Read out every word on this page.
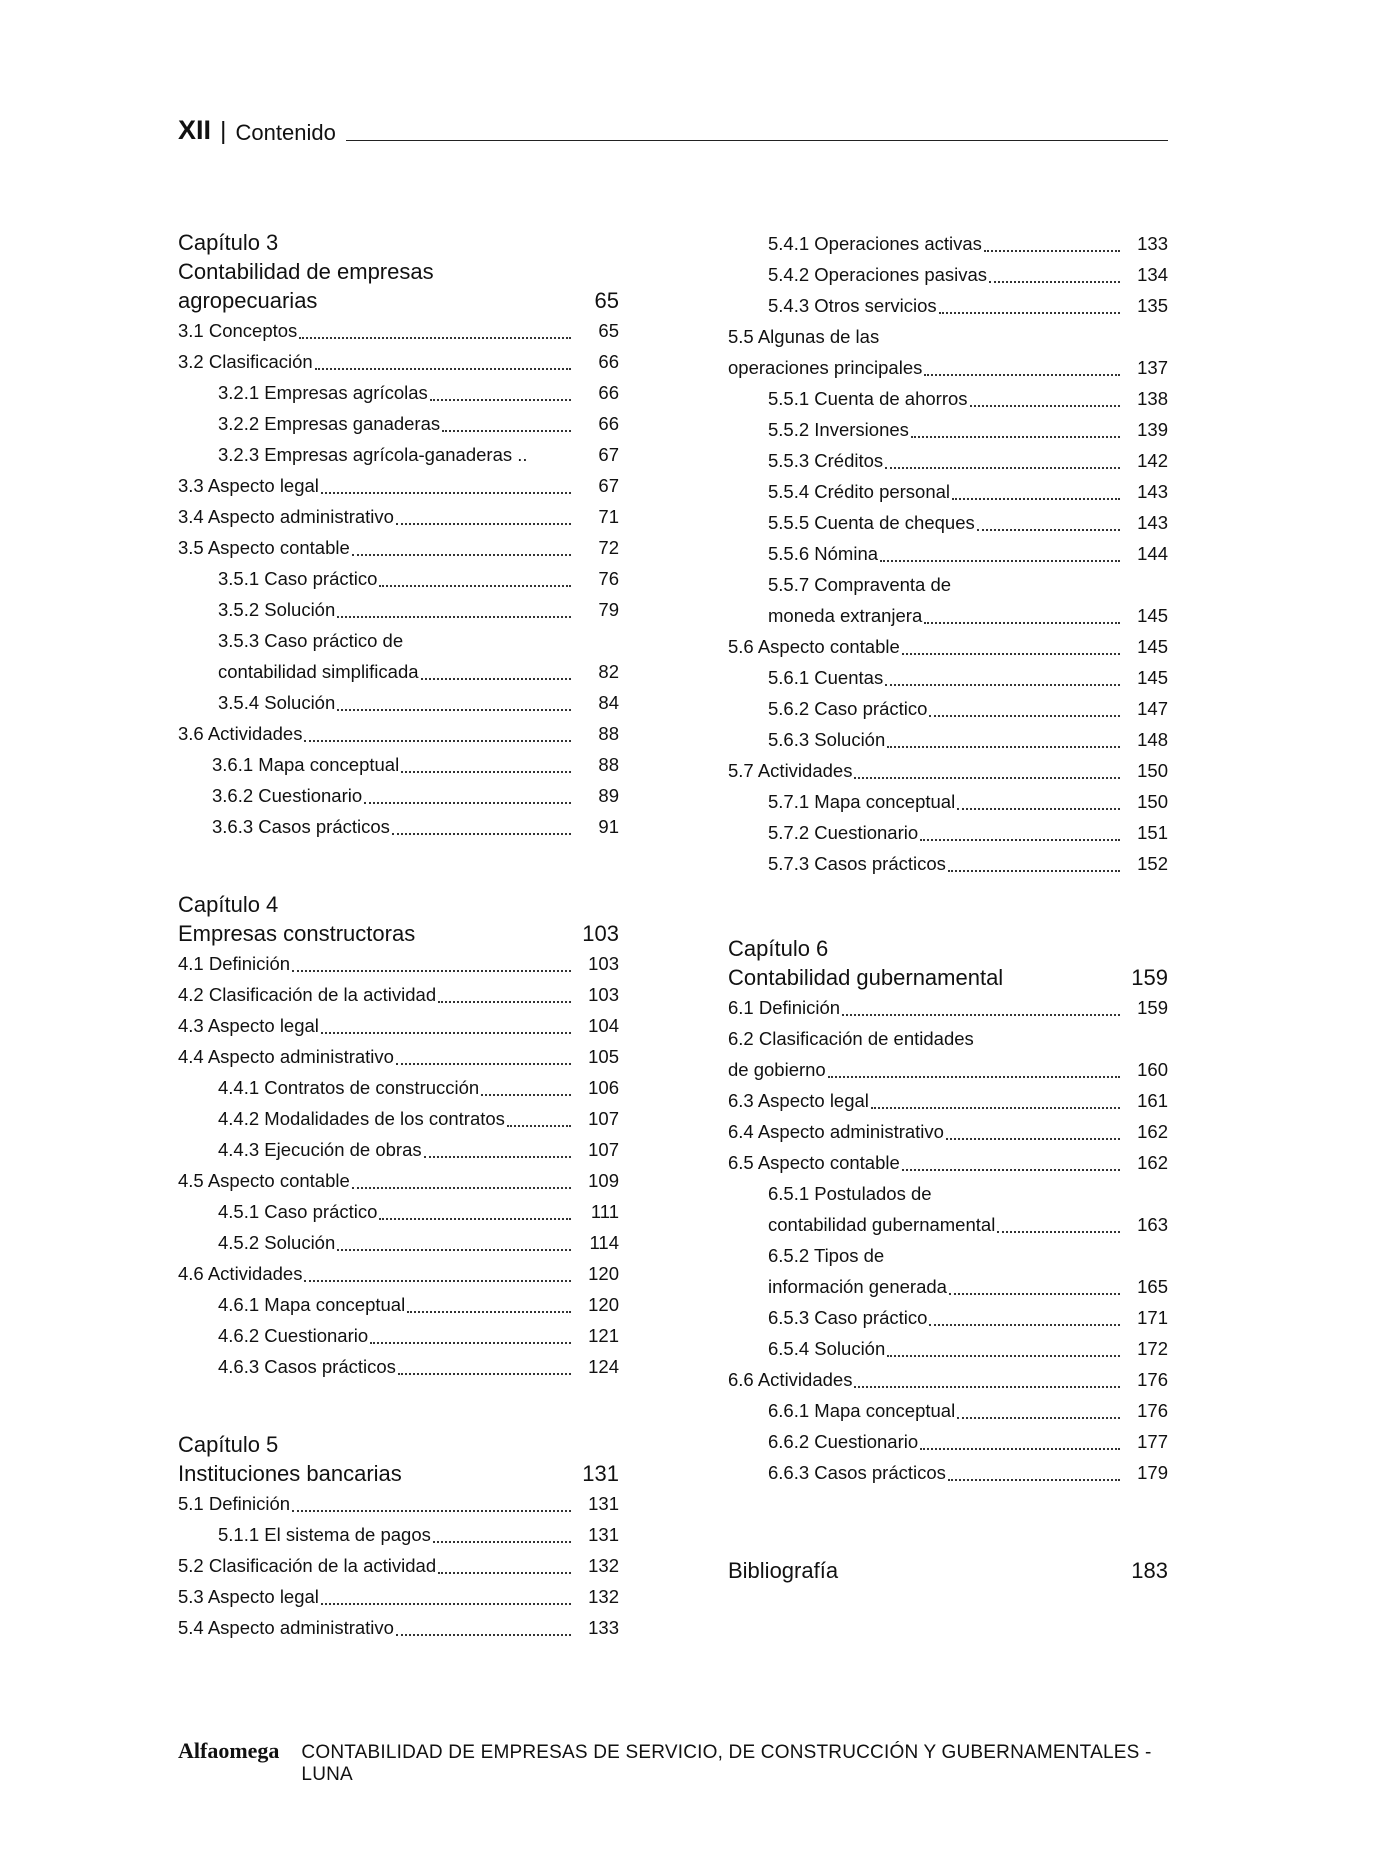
XII | Contenido
Capítulo 3
Contabilidad de empresas
agropecuarias	65
3.1 Conceptos	65
3.2 Clasificación	66
3.2.1 Empresas agrícolas	66
3.2.2 Empresas ganaderas	66
3.2.3 Empresas agrícola-ganaderas ..	67
3.3 Aspecto legal	67
3.4 Aspecto administrativo	71
3.5 Aspecto contable	72
3.5.1 Caso práctico	76
3.5.2 Solución	79
3.5.3 Caso práctico de
contabilidad simplificada	82
3.5.4 Solución	84
3.6 Actividades	88
3.6.1 Mapa conceptual	88
3.6.2 Cuestionario	89
3.6.3 Casos prácticos	91
Capítulo 4
Empresas constructoras	103
4.1 Definición	103
4.2 Clasificación de la actividad	103
4.3 Aspecto legal	104
4.4 Aspecto administrativo	105
4.4.1 Contratos de construcción	106
4.4.2 Modalidades de los contratos	107
4.4.3 Ejecución de obras	107
4.5 Aspecto contable	109
4.5.1 Caso práctico	111
4.5.2 Solución	114
4.6 Actividades	120
4.6.1 Mapa conceptual	120
4.6.2 Cuestionario	121
4.6.3 Casos prácticos	124
Capítulo 5
Instituciones bancarias	131
5.1 Definición	131
5.1.1 El sistema de pagos	131
5.2 Clasificación de la actividad	132
5.3 Aspecto legal	132
5.4 Aspecto administrativo	133
5.4.1 Operaciones activas	133
5.4.2 Operaciones pasivas	134
5.4.3 Otros servicios	135
5.5 Algunas de las
operaciones principales	137
5.5.1 Cuenta de ahorros	138
5.5.2 Inversiones	139
5.5.3 Créditos	142
5.5.4 Crédito personal	143
5.5.5 Cuenta de cheques	143
5.5.6 Nómina	144
5.5.7 Compraventa de
moneda extranjera	145
5.6 Aspecto contable	145
5.6.1 Cuentas	145
5.6.2 Caso práctico	147
5.6.3 Solución	148
5.7 Actividades	150
5.7.1 Mapa conceptual	150
5.7.2 Cuestionario	151
5.7.3 Casos prácticos	152
Capítulo 6
Contabilidad gubernamental	159
6.1 Definición	159
6.2 Clasificación de entidades
de gobierno	160
6.3 Aspecto legal	161
6.4 Aspecto administrativo	162
6.5 Aspecto contable	162
6.5.1 Postulados de
contabilidad gubernamental	163
6.5.2 Tipos de
información generada	165
6.5.3 Caso práctico	171
6.5.4 Solución	172
6.6 Actividades	176
6.6.1 Mapa conceptual	176
6.6.2 Cuestionario	177
6.6.3 Casos prácticos	179
Bibliografía	183
Alfaomega CONTABILIDAD DE EMPRESAS DE SERVICIO, DE CONSTRUCCIÓN Y GUBERNAMENTALES - LUNA
